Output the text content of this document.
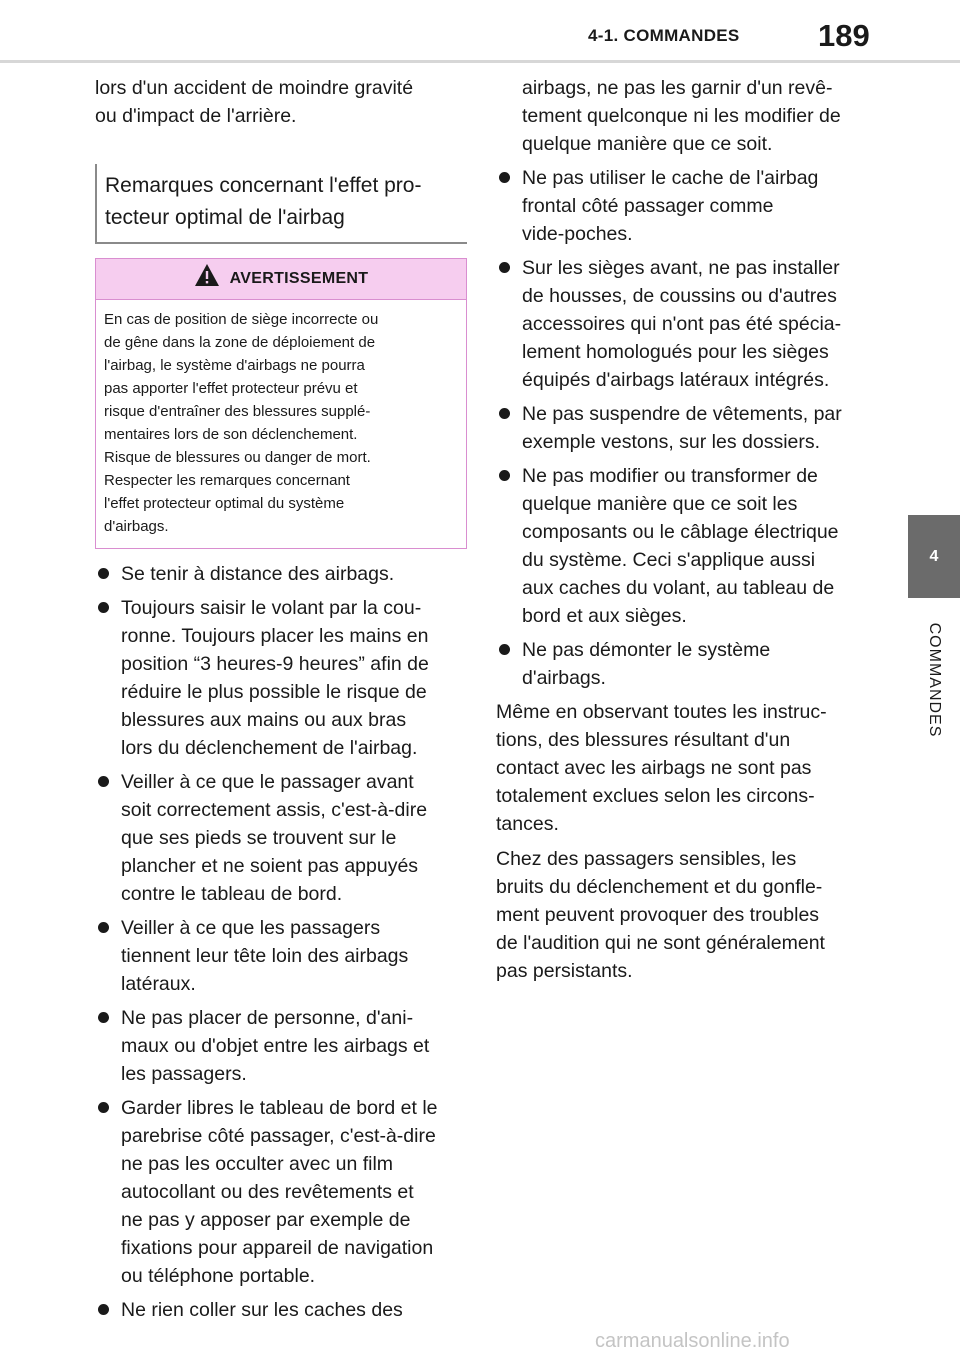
4-1. COMMANDES	189
4
COMMANDES
lors d'un accident de moindre gravité
ou d'impact de l'arrière.
Remarques concernant l'effet pro-
tecteur optimal de l'airbag
AVERTISSEMENT
En cas de position de siège incorrecte ou
de gêne dans la zone de déploiement de
l'airbag, le système d'airbags ne pourra
pas apporter l'effet protecteur prévu et
risque d'entraîner des blessures supplé-
mentaires lors de son déclenchement.
Risque de blessures ou danger de mort.
Respecter les remarques concernant
l'effet protecteur optimal du système
d'airbags.
Se tenir à distance des airbags.
Toujours saisir le volant par la cou-
ronne. Toujours placer les mains en
position “3 heures-9 heures” afin de
réduire le plus possible le risque de
blessures aux mains ou aux bras
lors du déclenchement de l'airbag.
Veiller à ce que le passager avant
soit correctement assis, c'est-à-dire
que ses pieds se trouvent sur le
plancher et ne soient pas appuyés
contre le tableau de bord.
Veiller à ce que les passagers
tiennent leur tête loin des airbags
latéraux.
Ne pas placer de personne, d'ani-
maux ou d'objet entre les airbags et
les passagers.
Garder libres le tableau de bord et le
parebrise côté passager, c'est-à-dire
ne pas les occulter avec un film
autocollant ou des revêtements et
ne pas y apposer par exemple de
fixations pour appareil de navigation
ou téléphone portable.
Ne rien coller sur les caches des
airbags, ne pas les garnir d'un revê-
tement quelconque ni les modifier de
quelque manière que ce soit.
Ne pas utiliser le cache de l'airbag
frontal côté passager comme
vide-poches.
Sur les sièges avant, ne pas installer
de housses, de coussins ou d'autres
accessoires qui n'ont pas été spécia-
lement homologués pour les sièges
équipés d'airbags latéraux intégrés.
Ne pas suspendre de vêtements, par
exemple vestons, sur les dossiers.
Ne pas modifier ou transformer de
quelque manière que ce soit les
composants ou le câblage électrique
du système. Ceci s'applique aussi
aux caches du volant, au tableau de
bord et aux sièges.
Ne pas démonter le système
d'airbags.
Même en observant toutes les instruc-
tions, des blessures résultant d'un
contact avec les airbags ne sont pas
totalement exclues selon les circons-
tances.
Chez des passagers sensibles, les
bruits du déclenchement et du gonfle-
ment peuvent provoquer des troubles
de l'audition qui ne sont généralement
pas persistants.
carmanualsonline.info
